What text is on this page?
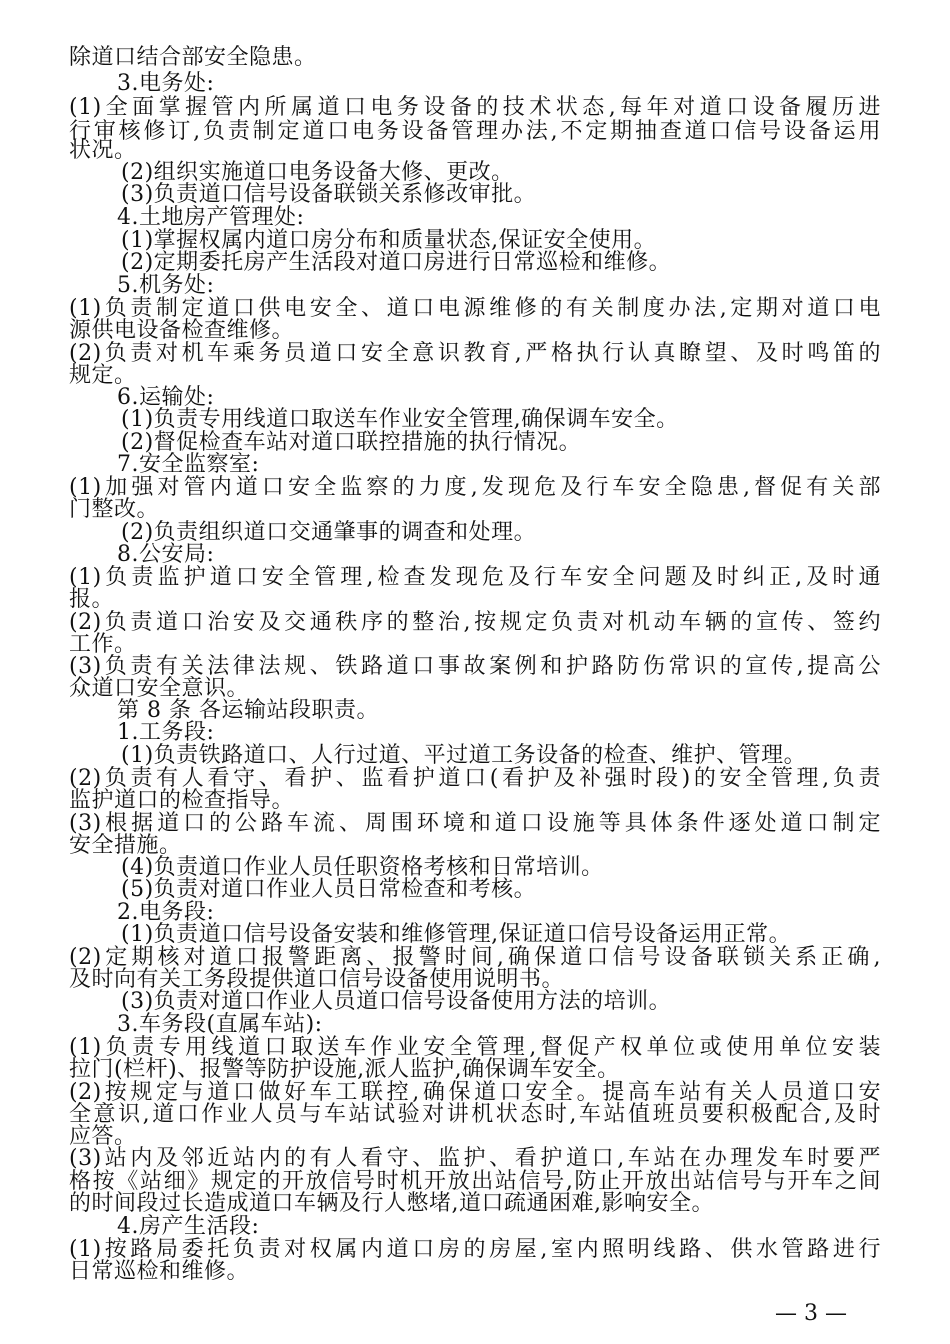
除道口结合部安全隐患。
3.电务处:
(1)全面掌握管内所属道口电务设备的技术状态,每年对道口设备履历进
行审核修订,负责制定道口电务设备管理办法,不定期抽查道口信号设备运用
状况。
(2)组织实施道口电务设备大修、更改。
(3)负责道口信号设备联锁关系修改审批。
4.土地房产管理处:
(1)掌握权属内道口房分布和质量状态,保证安全使用。
(2)定期委托房产生活段对道口房进行日常巡检和维修。
5.机务处:
(1)负责制定道口供电安全、道口电源维修的有关制度办法,定期对道口电
源供电设备检查维修。
(2)负责对机车乘务员道口安全意识教育,严格执行认真瞭望、及时鸣笛的
规定。
6.运输处:
(1)负责专用线道口取送车作业安全管理,确保调车安全。
(2)督促检查车站对道口联控措施的执行情况。
7.安全监察室:
(1)加强对管内道口安全监察的力度,发现危及行车安全隐患,督促有关部
门整改。
(2)负责组织道口交通肇事的调查和处理。
8.公安局:
(1)负责监护道口安全管理,检查发现危及行车安全问题及时纠正,及时通
报。
(2)负责道口治安及交通秩序的整治,按规定负责对机动车辆的宣传、签约
工作。
(3)负责有关法律法规、铁路道口事故案例和护路防伤常识的宣传,提高公
众道口安全意识。
第 8 条 各运输站段职责。
1.工务段:
(1)负责铁路道口、人行过道、平过道工务设备的检查、维护、管理。
(2)负责有人看守、看护、监看护道口(看护及补强时段)的安全管理,负责
监护道口的检查指导。
(3)根据道口的公路车流、周围环境和道口设施等具体条件逐处道口制定
安全措施。
(4)负责道口作业人员任职资格考核和日常培训。
(5)负责对道口作业人员日常检查和考核。
2.电务段:
(1)负责道口信号设备安装和维修管理,保证道口信号设备运用正常。
(2)定期核对道口报警距离、报警时间,确保道口信号设备联锁关系正确,
及时向有关工务段提供道口信号设备使用说明书。
(3)负责对道口作业人员道口信号设备使用方法的培训。
3.车务段(直属车站):
(1)负责专用线道口取送车作业安全管理,督促产权单位或使用单位安装
拉门(栏杆)、报警等防护设施,派人监护,确保调车安全。
(2)按规定与道口做好车工联控,确保道口安全。提高车站有关人员道口安
全意识,道口作业人员与车站试验对讲机状态时,车站值班员要积极配合,及时
应答。
(3)站内及邻近站内的有人看守、监护、看护道口,车站在办理发车时要严
格按《站细》规定的开放信号时机开放出站信号,防止开放出站信号与开车之间
的时间段过长造成道口车辆及行人憋堵,道口疏通困难,影响安全。
4.房产生活段:
(1)按路局委托负责对权属内道口房的房屋,室内照明线路、供水管路进行
日常巡检和维修。
— 3 —
